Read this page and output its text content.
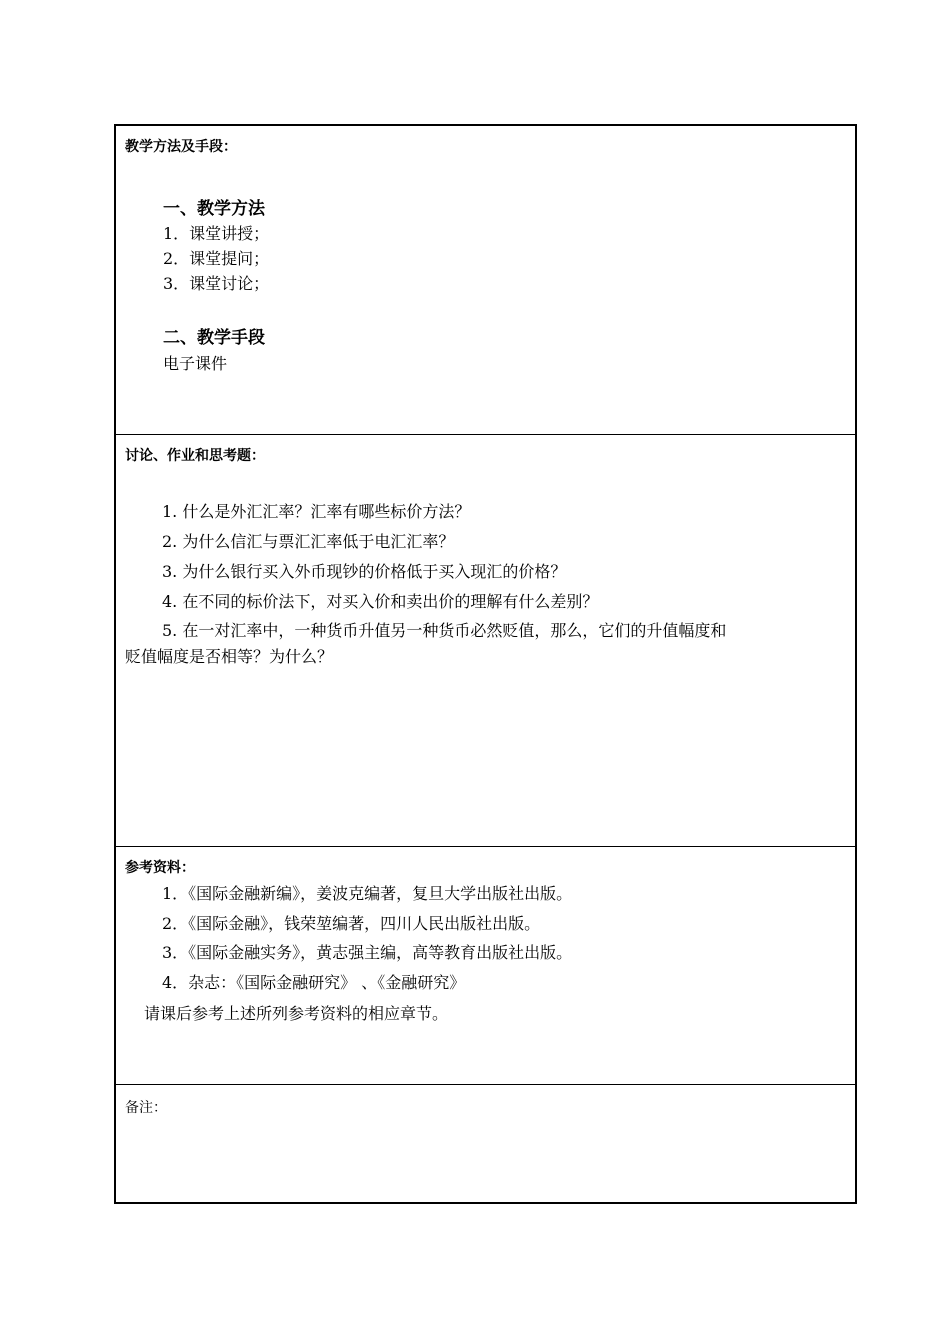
教学方法及手段：
一、教学方法
1．课堂讲授；
2．课堂提问；
3．课堂讨论；
二、教学手段
电子课件
讨论、作业和思考题：
1. 什么是外汇汇率？汇率有哪些标价方法？
2. 为什么信汇与票汇汇率低于电汇汇率？
3. 为什么银行买入外币现钞的价格低于买入现汇的价格？
4. 在不同的标价法下，对买入价和卖出价的理解有什么差别？
5. 在一对汇率中，一种货币升值另一种货币必然贬值，那么，它们的升值幅度和
贬值幅度是否相等？为什么？
参考资料：
1．《国际金融新编》，姜波克编著，复旦大学出版社出版。
2．《国际金融》，钱荣堃编著，四川人民出版社出版。
3．《国际金融实务》，黄志强主编，高等教育出版社出版。
4．杂志：《国际金融研究》 、《金融研究》
请课后参考上述所列参考资料的相应章节。
备注：
